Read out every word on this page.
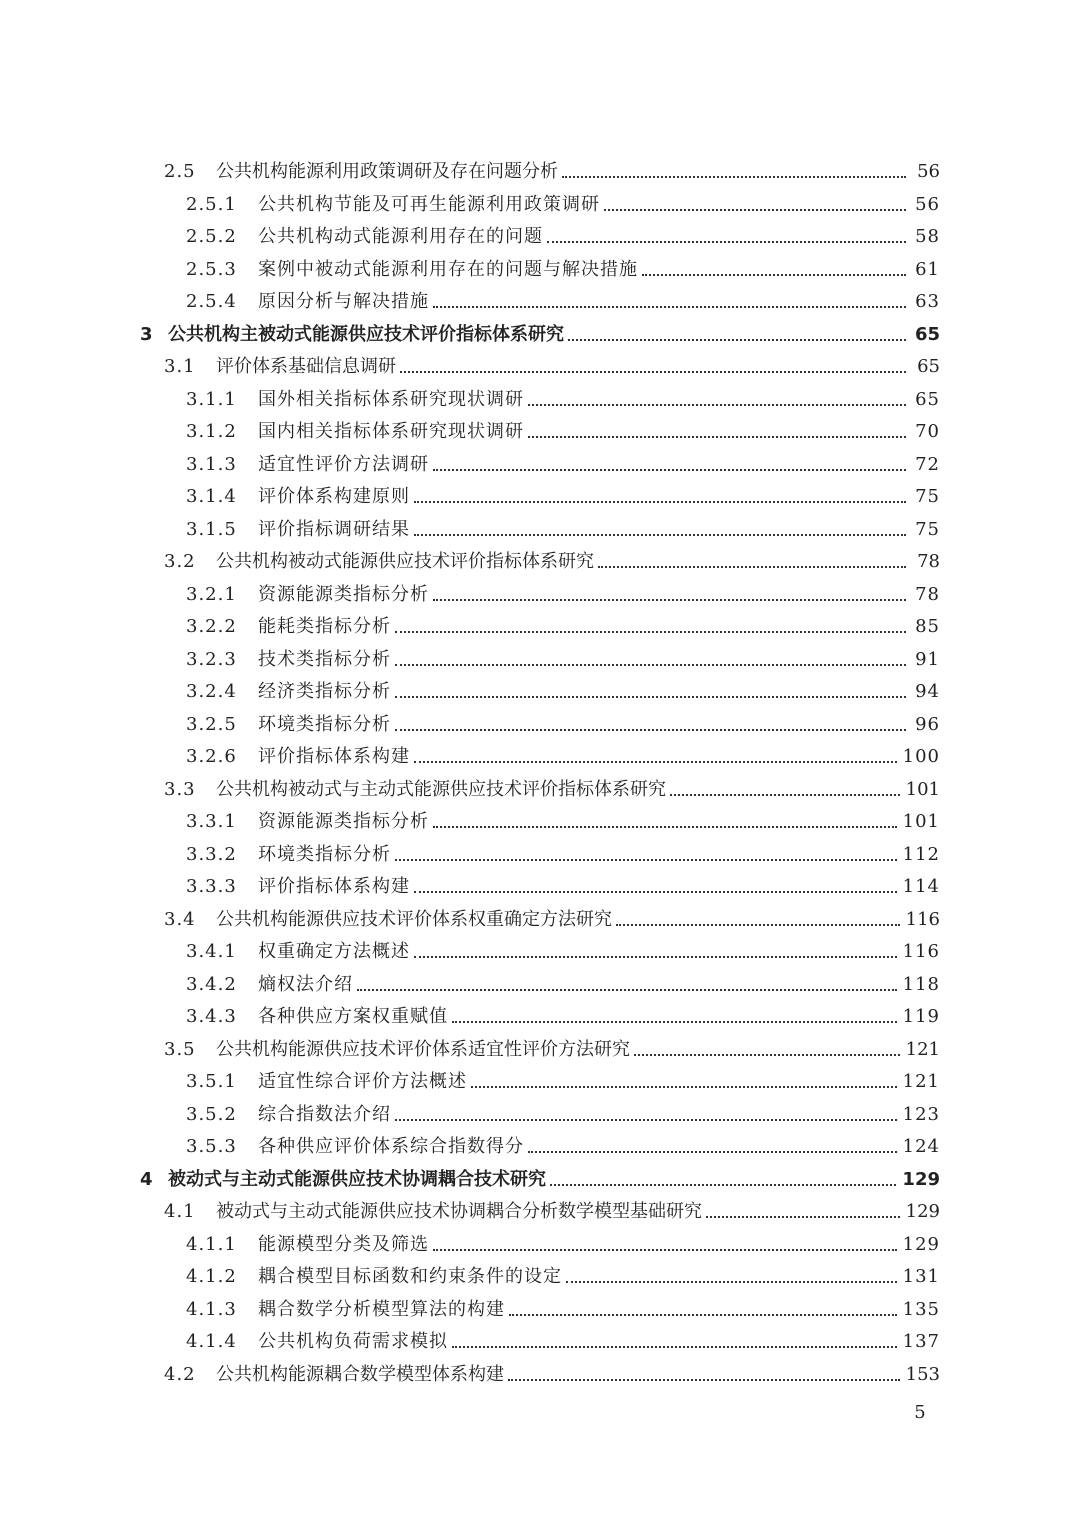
2.5	公共机构能源利用政策调研及存在问题分析	56
2.5.1	公共机构节能及可再生能源利用政策调研	56
2.5.2	公共机构动式能源利用存在的问题	58
2.5.3	案例中被动式能源利用存在的问题与解决措施	61
2.5.4	原因分析与解决措施	63
3 公共机构主被动式能源供应技术评价指标体系研究	65
3.1	评价体系基础信息调研	65
3.1.1	国外相关指标体系研究现状调研	65
3.1.2	国内相关指标体系研究现状调研	70
3.1.3	适宜性评价方法调研	72
3.1.4	评价体系构建原则	75
3.1.5	评价指标调研结果	75
3.2	公共机构被动式能源供应技术评价指标体系研究	78
3.2.1	资源能源类指标分析	78
3.2.2	能耗类指标分析	85
3.2.3	技术类指标分析	91
3.2.4	经济类指标分析	94
3.2.5	环境类指标分析	96
3.2.6	评价指标体系构建	100
3.3	公共机构被动式与主动式能源供应技术评价指标体系研究	101
3.3.1	资源能源类指标分析	101
3.3.2	环境类指标分析	112
3.3.3	评价指标体系构建	114
3.4	公共机构能源供应技术评价体系权重确定方法研究	116
3.4.1	权重确定方法概述	116
3.4.2	熵权法介绍	118
3.4.3	各种供应方案权重赋值	119
3.5	公共机构能源供应技术评价体系适宜性评价方法研究	121
3.5.1	适宜性综合评价方法概述	121
3.5.2	综合指数法介绍	123
3.5.3	各种供应评价体系综合指数得分	124
4 被动式与主动式能源供应技术协调耦合技术研究	129
4.1	被动式与主动式能源供应技术协调耦合分析数学模型基础研究	129
4.1.1	能源模型分类及筛选	129
4.1.2	耦合模型目标函数和约束条件的设定	131
4.1.3	耦合数学分析模型算法的构建	135
4.1.4	公共机构负荷需求模拟	137
4.2	公共机构能源耦合数学模型体系构建	153
5
